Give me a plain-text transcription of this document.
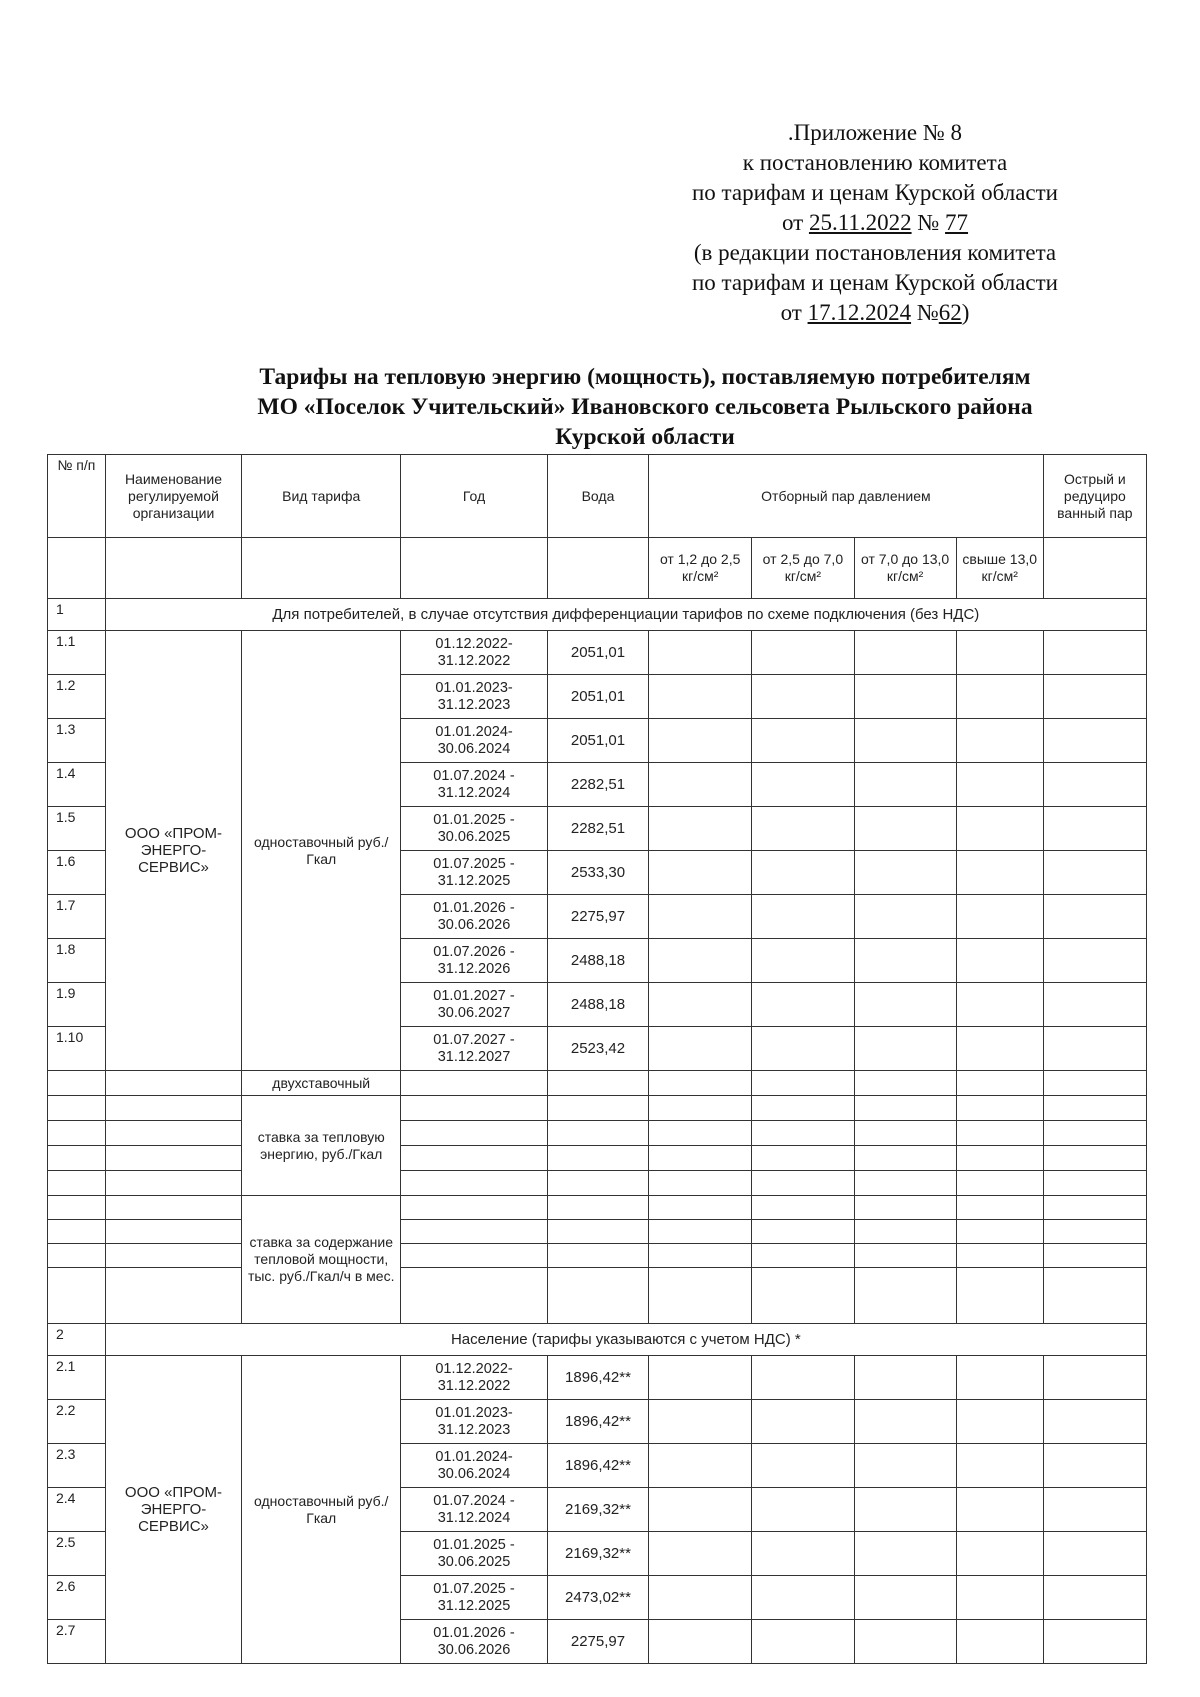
.Приложение № 8
к постановлению комитета
по тарифам и ценам Курской области
от 25.11.2022 № 77
(в редакции постановления комитета
по тарифам и ценам Курской области
от 17.12.2024 №62)
Тарифы на тепловую энергию (мощность), поставляемую потребителям
МО «Поселок Учительский» Ивановского сельсовета Рыльского района
Курской области
№ п/п	Наименование регулируемой организации	Вид тарифа	Год	Вода	Отборный пар давлением				Острый и редуциро ванный пар
					от 1,2 до 2,5 кг/см²	от 2,5 до 7,0 кг/см²	от 7,0 до 13,0 кг/см²	свыше 13,0 кг/см²	
1	Для потребителей, в случае отсутствия дифференциации тарифов по схеме подключения (без НДС)								
1.1	ООО «ПРОМ-ЭНЕРГО-СЕРВИС»	одноставочный руб./Гкал	01.12.2022-31.12.2022	2051,01					
1.2			01.01.2023-31.12.2023	2051,01					
1.3			01.01.2024-30.06.2024	2051,01					
1.4			01.07.2024 - 31.12.2024	2282,51					
1.5			01.01.2025 - 30.06.2025	2282,51					
1.6			01.07.2025 - 31.12.2025	2533,30					
1.7			01.01.2026 - 30.06.2026	2275,97					
1.8			01.07.2026 - 31.12.2026	2488,18					
1.9			01.01.2027 - 30.06.2027	2488,18					
1.10			01.07.2027 - 31.12.2027	2523,42					
		двухставочный							
		ставка за тепловую энергию, руб./Гкал							

		ставка за содержание тепловой мощности, тыс. руб./Гкал/ч в мес.							

2	Население (тарифы указываются с учетом НДС) *								
2.1	ООО «ПРОМ-ЭНЕРГО-СЕРВИС»	одноставочный руб./Гкал	01.12.2022-31.12.2022	1896,42**					
2.2			01.01.2023-31.12.2023	1896,42**					
2.3			01.01.2024-30.06.2024	1896,42**					
2.4			01.07.2024 - 31.12.2024	2169,32**					
2.5			01.01.2025 - 30.06.2025	2169,32**					
2.6			01.07.2025 - 31.12.2025	2473,02**					
2.7			01.01.2026 - 30.06.2026	2275,97					
